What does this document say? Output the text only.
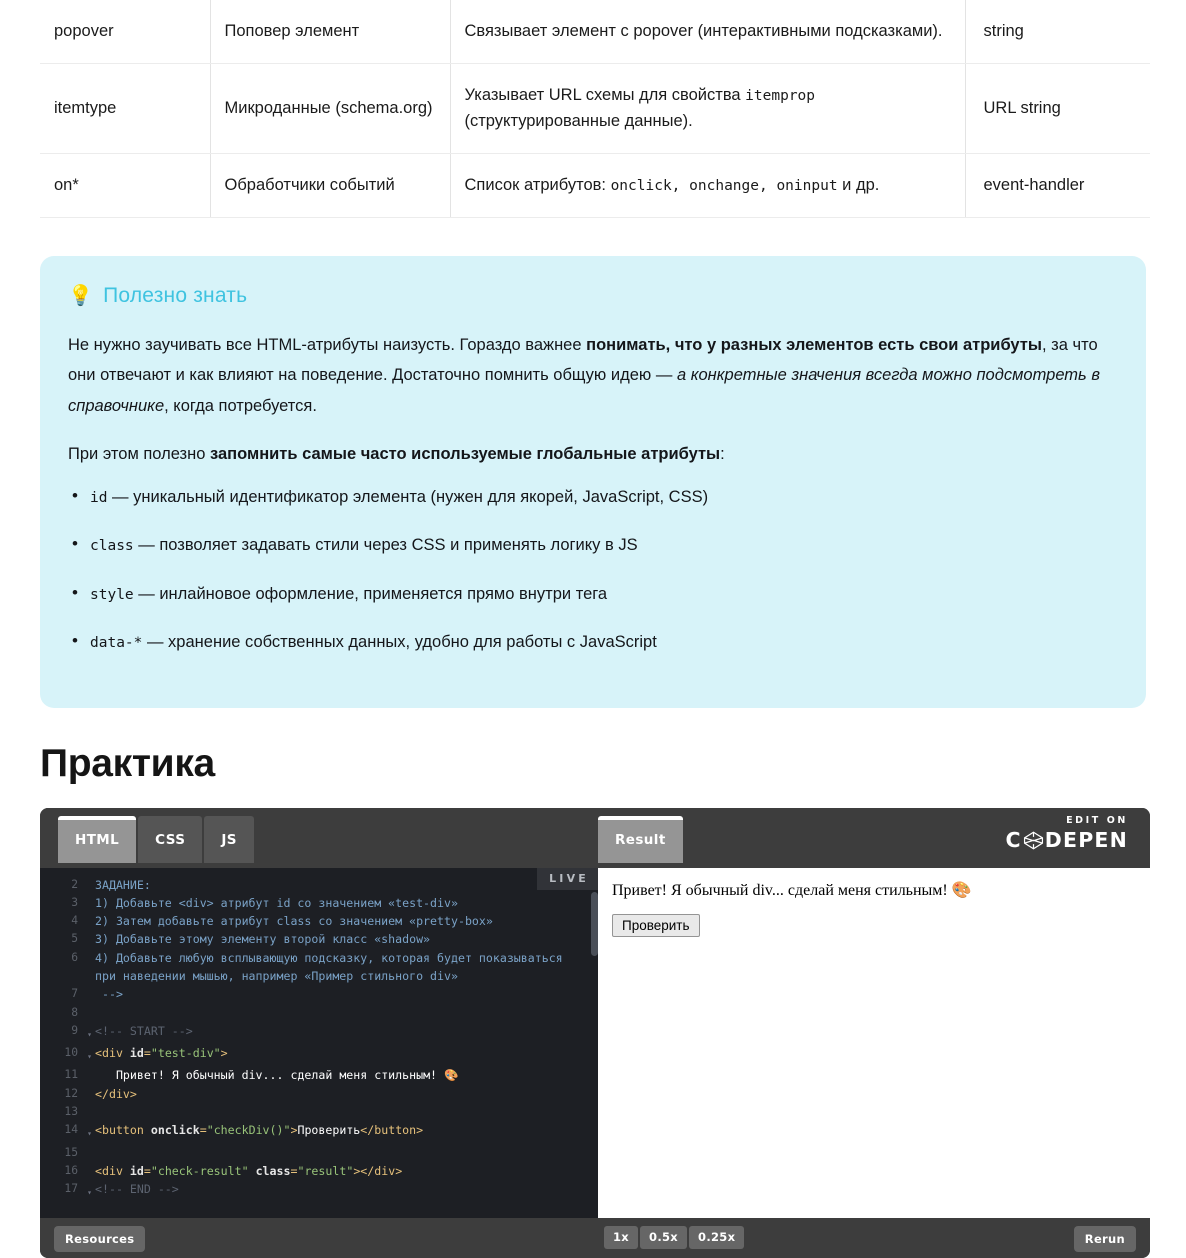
popover	Поповер элемент	Связывает элемент с popover (интерактивными подсказками).	string
itemtype	Микроданные (schema.org)	Указывает URL схемы для свойства itemprop (структурированные данные).	URL string
on*	Обработчики событий	Список атрибутов: onclick, onchange, oninput и др.	event-handler
💡 Полезно знать

Не нужно заучивать все HTML-атрибуты наизусть. Гораздо важнее понимать, что у разных элементов есть свои атрибуты, за что они отвечают и как влияют на поведение. Достаточно помнить общую идею — а конкретные значения всегда можно подсмотреть в справочнике, когда потребуется.

При этом полезно запомнить самые часто используемые глобальные атрибуты:

• id — уникальный идентификатор элемента (нужен для якорей, JavaScript, CSS)
• class — позволяет задавать стили через CSS и применять логику в JS
• style — инлайновое оформление, применяется прямо внутри тега
• data-* — хранение собственных данных, удобно для работы с JavaScript
Практика
HTML	CSS	JS	Result
EDIT ON
C DEPEN
LIVE
2	ЗАДАНИЕ:
3	1) Добавьте <div> атрибут id со значением «test-div»
4	2) Затем добавьте атрибут class со значением «pretty-box»
5	3) Добавьте этому элементу второй класс «shadow»
6	4) Добавьте любую всплывающую подсказку, которая будет показываться при наведении мышью, например «Пример стильного div»
7	-->
8
9	▾ <!-- START -->
10	▾ <div id="test-div">
11	Привет! Я обычный div... сделай меня стильным! 🎨
12	</div>
13
14	▾ <button onclick="checkDiv()">Проверить</button>
15
16	<div id="check-result" class="result"></div>
17	▾ <!-- END -->

Привет! Я обычный div... сделай меня стильным! 🎨

Проверить
Resources	1x	0.5x	0.25x	Rerun
